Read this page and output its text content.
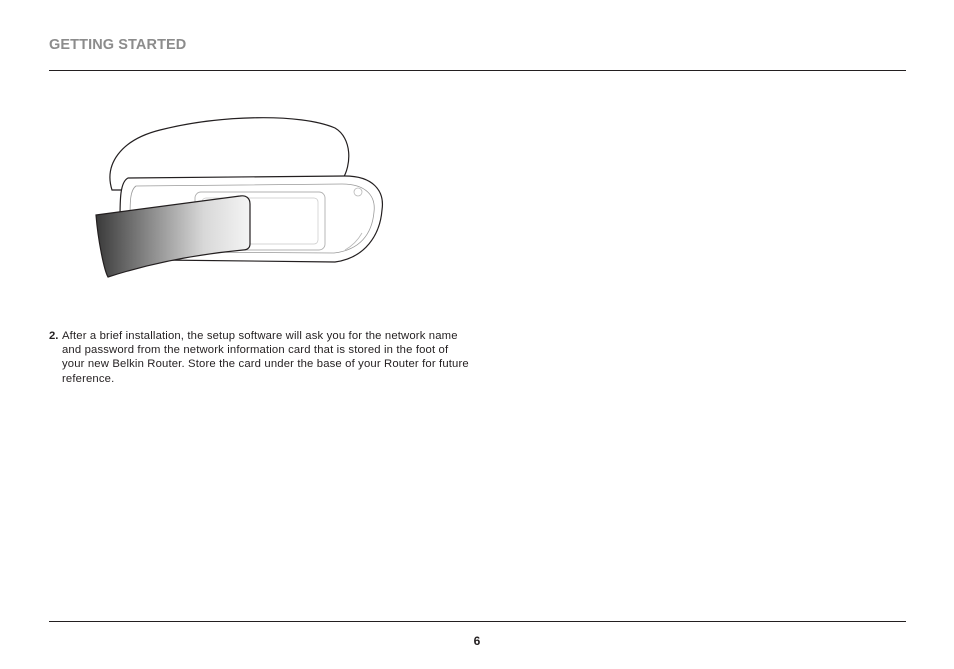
GETTING STARTED
2. After a brief installation, the setup software will ask you for the network name and password from the network information card that is stored in the foot of your new Belkin Router. Store the card under the base of your Router for future reference.
6
